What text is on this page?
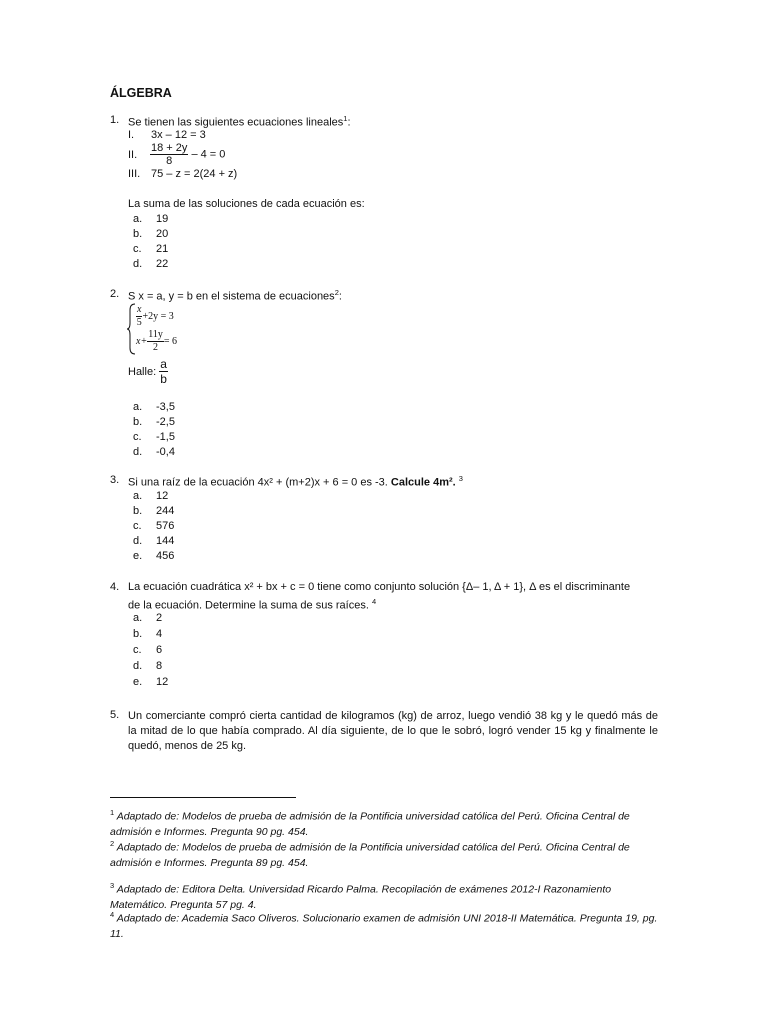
ÁLGEBRA
1. Se tienen las siguientes ecuaciones lineales$^1$:
I. 3x – 12 = 3
II. $\frac{18 + 2y}{8} - 4 = 0$
III. 75 – z = 2(24 + z)
La suma de las soluciones de cada ecuación es:
a.	19
b.	20
c.	21
d.	22
2. S x = a, y = b en el sistema de ecuaciones$^2$:
$\frac{x}{5} +2y = 3$
$x+ \frac{11y}{2} = 6$
Halle: $\frac{a}{b}$
a.	-3,5
b.	-2,5
c.	-1,5
d.	-0,4
3. Si una raíz de la ecuación 4x² + (m+2)x + 6 = 0 es -3. Calcule 4m². $^3$
a.	12
b.	244
c.	576
d.	144
e.	456
4. La ecuación cuadrática x² + bx + c = 0 tiene como conjunto solución {Δ– 1, Δ + 1}, Δ es el discriminante
de la ecuación. Determine la suma de sus raíces. $^4$
a.	2
b.	4
c.	6
d.	8
e.	12
5. Un comerciante compró cierta cantidad de kilogramos (kg) de arroz, luego vendió 38 kg y le quedó más de la mitad de lo que había comprado. Al día siguiente, de lo que le sobró, logró vender 15 kg y finalmente le quedó, menos de 25 kg.
$^1$ Adaptado de: Modelos de prueba de admisión de la Pontificia universidad católica del Perú. Oficina Central de admisión e Informes. Pregunta 90 pg. 454.
$^2$ Adaptado de: Modelos de prueba de admisión de la Pontificia universidad católica del Perú. Oficina Central de admisión e Informes. Pregunta 89 pg. 454.
$^3$ Adaptado de: Editora Delta. Universidad Ricardo Palma. Recopilación de exámenes 2012-I Razonamiento Matemático. Pregunta 57 pg. 4.
$^4$ Adaptado de: Academia Saco Oliveros. Solucionario examen de admisión UNI 2018-II Matemática. Pregunta 19, pg. 11.
